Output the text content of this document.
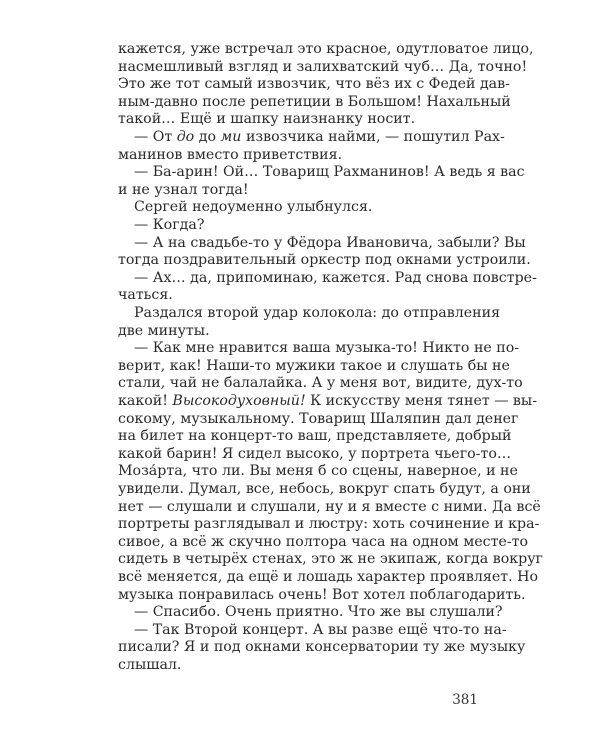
кажется, уже встречал это красное, одутловатое лицо,
насмешливый взгляд и залихватский чуб… Да, точно!
Это же тот самый извозчик, что вёз их с Федей дав-
ным-давно после репетиции в Большом! Нахальный
такой… Ещё и шапку наизнанку носит.
— От до до ми извозчика найми, — пошутил Рах-
манинов вместо приветствия.
— Ба-арин! Ой… Товарищ Рахманинов! А ведь я вас
и не узнал тогда!
Сергей недоуменно улыбнулся.
— Когда?
— А на свадьбе-то у Фёдора Ивановича, забыли? Вы
тогда поздравительный оркестр под окнами устроили.
— Ах… да, припоминаю, кажется. Рад снова повстре-
чаться.
Раздался второй удар колокола: до отправления
две минуты.
— Как мне нравится ваша музыка-то! Никто не по-
верит, как! Наши-то мужики такое и слушать бы не
стали, чай не балалайка. А у меня вот, видите, дух-то
какой! Высокодуховный! К искусству меня тянет — вы-
сокому, музыкальному. Товарищ Шаляпин дал денег
на билет на концерт-то ваш, представляете, добрый
какой барин! Я сидел высоко, у портрета чьего-то…
Моза́рта, что ли. Вы меня б со сцены, наверное, и не
увидели. Думал, все, небось, вокруг спать будут, а они
нет — слушали и слушали, ну и я вместе с ними. Да всё
портреты разглядывал и люстру: хоть сочинение и кра-
сивое, а всё ж скучно полтора часа на одном месте-то
сидеть в четырёх стенах, это ж не экипаж, когда вокруг
всё меняется, да ещё и лошадь характер проявляет. Но
музыка понравилась очень! Вот хотел поблагодарить.
— Спасибо. Очень приятно. Что же вы слушали?
— Так Второй концерт. А вы разве ещё что-то на-
писали? Я и под окнами консерватории ту же музыку
слышал.
381
